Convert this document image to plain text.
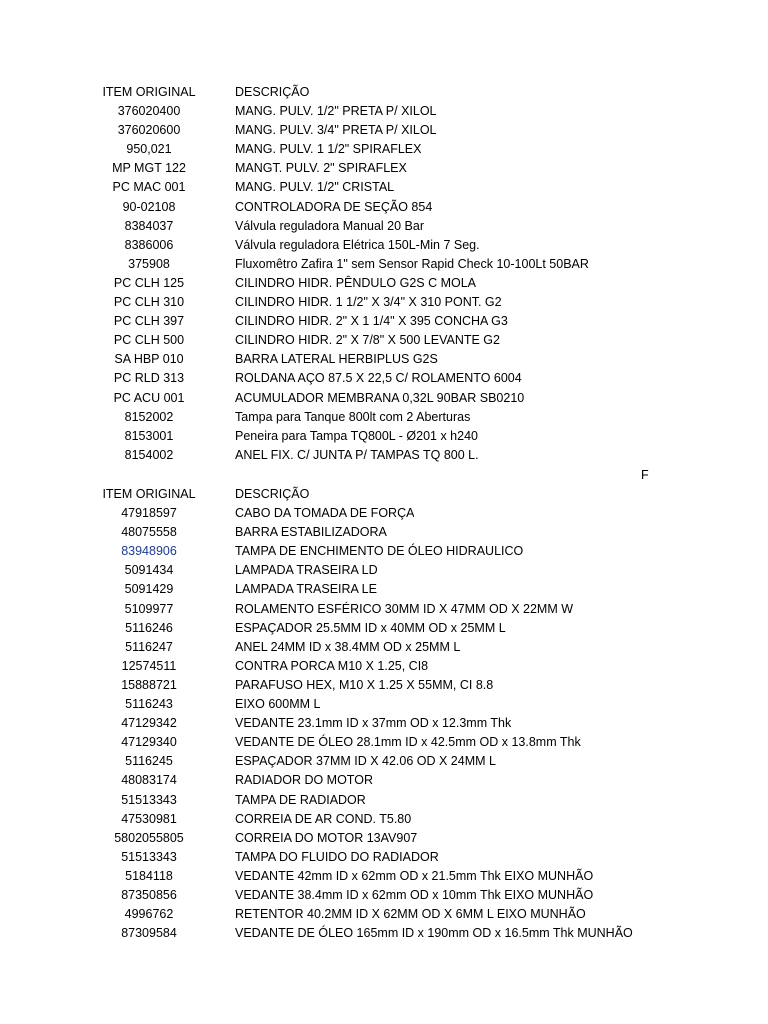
ITEM ORIGINAL	DESCRIÇÃO
376020400	MANG. PULV. 1/2" PRETA P/ XILOL
376020600	MANG. PULV. 3/4" PRETA P/ XILOL
950,021	MANG. PULV. 1 1/2" SPIRAFLEX
MP MGT 122	MANGT. PULV. 2" SPIRAFLEX
PC MAC 001	MANG. PULV. 1/2" CRISTAL
90-02108	CONTROLADORA DE SEÇÃO 854
8384037	Válvula reguladora Manual 20 Bar
8386006	Válvula reguladora Elétrica 150L-Min 7 Seg.
375908	Fluxomêtro Zafira 1" sem Sensor Rapid Check 10-100Lt 50BAR
PC CLH 125	CILINDRO HIDR. PÊNDULO G2S C MOLA
PC CLH 310	CILINDRO HIDR. 1 1/2" X 3/4" X 310 PONT. G2
PC CLH 397	CILINDRO HIDR. 2" X 1 1/4" X 395 CONCHA G3
PC CLH 500	CILINDRO HIDR. 2" X 7/8" X 500 LEVANTE G2
SA HBP 010	BARRA LATERAL HERBIPLUS G2S
PC RLD 313	ROLDANA AÇO 87.5 X 22,5 C/ ROLAMENTO 6004
PC ACU 001	ACUMULADOR MEMBRANA 0,32L 90BAR SB0210
8152002	Tampa para Tanque 800lt com 2 Aberturas
8153001	Peneira para Tampa TQ800L - Ø201 x h240
8154002	ANEL FIX. C/ JUNTA P/ TAMPAS TQ 800 L.
F
ITEM ORIGINAL	DESCRIÇÃO
47918597	CABO DA TOMADA DE FORÇA
48075558	BARRA ESTABILIZADORA
83948906	TAMPA DE ENCHIMENTO DE ÓLEO HIDRAULICO
5091434	LAMPADA TRASEIRA LD
5091429	LAMPADA TRASEIRA LE
5109977	ROLAMENTO ESFÉRICO 30MM ID X 47MM OD X 22MM W
5116246	ESPAÇADOR 25.5MM ID x 40MM OD x 25MM L
5116247	ANEL 24MM ID x 38.4MM OD x 25MM L
12574511	CONTRA PORCA M10 X 1.25, CI8
15888721	PARAFUSO HEX, M10 X 1.25 X 55MM, CI 8.8
5116243	EIXO 600MM L
47129342	VEDANTE 23.1mm ID x 37mm OD x 12.3mm Thk
47129340	VEDANTE DE ÓLEO 28.1mm ID x 42.5mm OD x 13.8mm Thk
5116245	ESPAÇADOR 37MM ID X 42.06 OD X 24MM L
48083174	RADIADOR DO MOTOR
51513343	TAMPA DE RADIADOR
47530981	CORREIA DE AR COND. T5.80
5802055805	CORREIA DO MOTOR 13AV907
51513343	TAMPA DO FLUIDO DO RADIADOR
5184118	VEDANTE 42mm ID x 62mm OD x 21.5mm Thk EIXO MUNHÃO
87350856	VEDANTE 38.4mm ID x 62mm OD x 10mm Thk EIXO MUNHÃO
4996762	RETENTOR 40.2MM ID X 62MM OD X 6MM L EIXO MUNHÃO
87309584	VEDANTE DE ÓLEO 165mm ID x 190mm OD x 16.5mm Thk MUNHÃO
